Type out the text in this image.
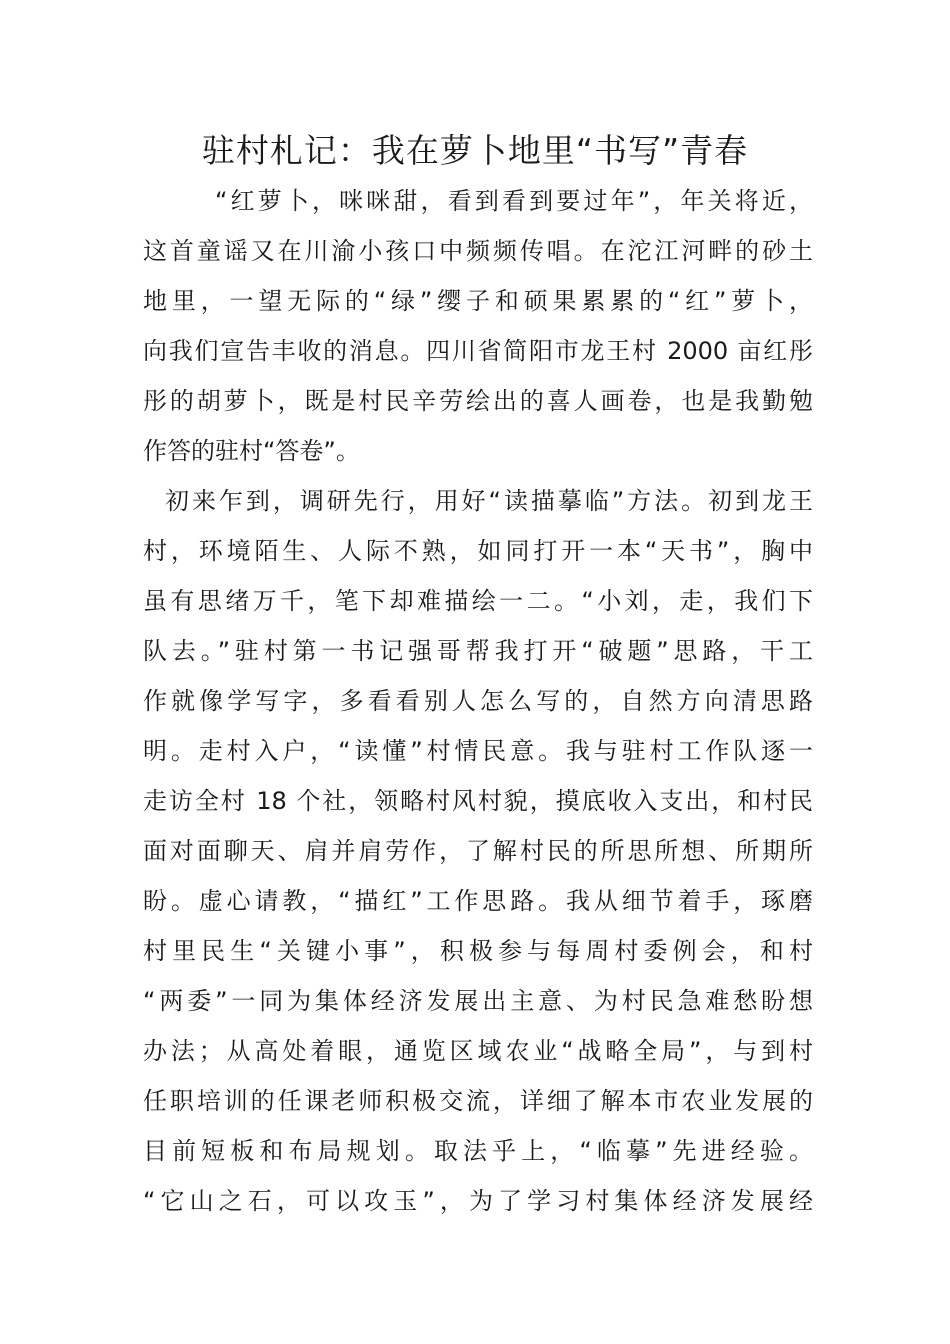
驻村札记：我在萝卜地里“书写”青春
“红萝卜，咪咪甜，看到看到要过年”，年关将近，
这首童谣又在川渝小孩口中频频传唱。在沱江河畔的砂土
地里，一望无际的“绿”缨子和硕果累累的“红”萝卜，
向我们宣告丰收的消息。四川省简阳市龙王村 2000 亩红彤
彤的胡萝卜，既是村民辛劳绘出的喜人画卷，也是我勤勉
作答的驻村“答卷”。
初来乍到，调研先行，用好“读描摹临”方法。初到龙王
村，环境陌生、人际不熟，如同打开一本“天书”，胸中
虽有思绪万千，笔下却难描绘一二。“小刘，走，我们下
队去。”驻村第一书记强哥帮我打开“破题”思路，干工
作就像学写字，多看看别人怎么写的，自然方向清思路
明。走村入户，“读懂”村情民意。我与驻村工作队逐一
走访全村 18 个社，领略村风村貌，摸底收入支出，和村民
面对面聊天、肩并肩劳作，了解村民的所思所想、所期所
盼。虚心请教，“描红”工作思路。我从细节着手，琢磨
村里民生“关键小事”，积极参与每周村委例会，和村
“两委”一同为集体经济发展出主意、为村民急难愁盼想
办法；从高处着眼，通览区域农业“战略全局”，与到村
任职培训的任课老师积极交流，详细了解本市农业发展的
目前短板和布局规划。取法乎上，“临摹”先进经验。
“它山之石，可以攻玉”，为了学习村集体经济发展经
